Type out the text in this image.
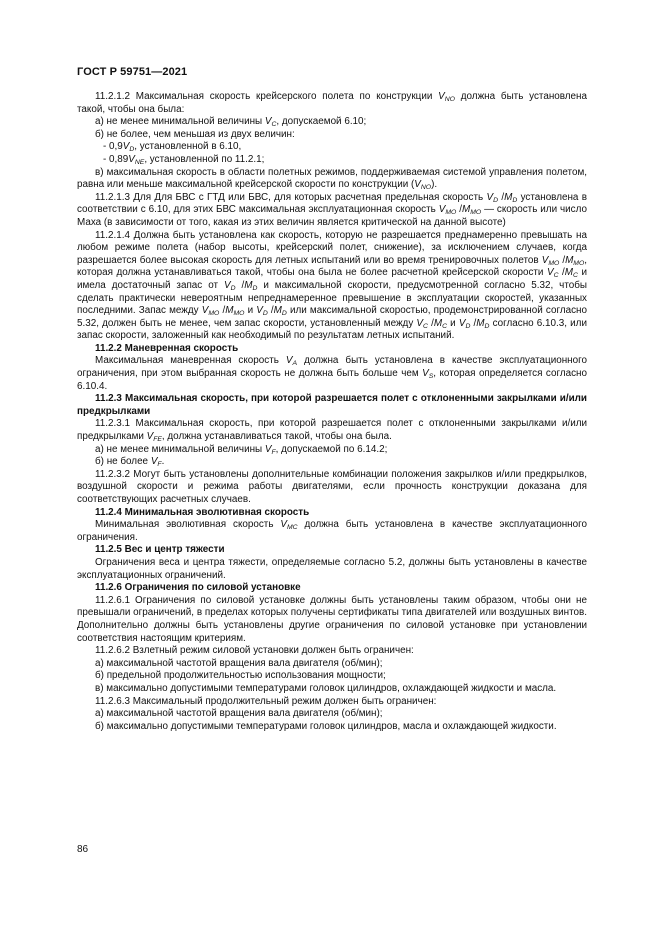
ГОСТ Р 59751—2021

11.2.1.2 Максимальная скорость крейсерского полета по конструкции $V_{NO}$ должна быть установлена такой, чтобы она была:

а) не менее минимальной величины $V_C$, допускаемой 6.10;

б) не более, чем меньшая из двух величин:

- $0,9V_D$, установленной в 6.10,

- $0,89V_{NE}$, установленной по 11.2.1;

в) максимальная скорость в области полетных режимов, поддерживаемая системой управления полетом, равна или меньше максимальной крейсерской скорости по конструкции $(V_{NO})$.

11.2.1.3 Для Для БВС с ГТД или БВС, для которых расчетная предельная скорость $V_D$ $/M_D$ установлена в соответствии с 6.10, для этих БВС максимальная эксплуатационная скорость $V_{MO}$ $/M_{MO}$ — скорость или число Маха (в зависимости от того, какая из этих величин является критической на данной высоте)

11.2.1.4 Должна быть установлена как скорость, которую не разрешается преднамеренно превышать на любом режиме полета (набор высоты, крейсерский полет, снижение), за исключением случаев, когда разрешается более высокая скорость для летных испытаний или во время тренировочных полетов $V_{MO}$ $/M_{MO}$, которая должна устанавливаться такой, чтобы она была не более расчетной крейсерской скорости $V_C$ $/M_C$ и имела достаточный запас от $V_D$ $/M_D$ и максимальной скорости, предусмотренной согласно 5.32, чтобы сделать практически невероятным непреднамеренное превышение в эксплуатации скоростей, указанных последними. Запас между $V_{MO}$ $/M_{MO}$ и $V_D$ $/M_D$ или максимальной скоростью, продемонстрированной согласно 5.32, должен быть не менее, чем запас скорости, установленный между $V_C$ $/M_C$ и $V_D$ $/M_D$ согласно 6.10.3, или запас скорости, заложенный как необходимый по результатам летных испытаний.

11.2.2 Маневренная скорость

Максимальная маневренная скорость $V_A$ должна быть установлена в качестве эксплуатационного ограничения, при этом выбранная скорость не должна быть больше чем $V_S$, которая определяется согласно 6.10.4.

11.2.3 Максимальная скорость, при которой разрешается полет с отклоненными закрылками и/или предкрылками

11.2.3.1 Максимальная скорость, при которой разрешается полет с отклоненными закрылками и/или предкрылками $V_{FE}$, должна устанавливаться такой, чтобы она была.

а) не менее минимальной величины $V_F$, допускаемой по 6.14.2;

б) не более $V_F$.

11.2.3.2 Могут быть установлены дополнительные комбинации положения закрылков и/или предкрылков, воздушной скорости и режима работы двигателями, если прочность конструкции доказана для соответствующих расчетных случаев.

11.2.4 Минимальная эволютивная скорость

Минимальная эволютивная скорость $V_{MC}$ должна быть установлена в качестве эксплуатационного ограничения.

11.2.5 Вес и центр тяжести

Ограничения веса и центра тяжести, определяемые согласно 5.2, должны быть установлены в качестве эксплуатационных ограничений.

11.2.6 Ограничения по силовой установке

11.2.6.1 Ограничения по силовой установке должны быть установлены таким образом, чтобы они не превышали ограничений, в пределах которых получены сертификаты типа двигателей или воздушных винтов. Дополнительно должны быть установлены другие ограничения по силовой установке при установлении соответствия настоящим критериям.

11.2.6.2 Взлетный режим силовой установки должен быть ограничен:

а) максимальной частотой вращения вала двигателя (об/мин);

б) предельной продолжительностью использования мощности;

в) максимально допустимыми температурами головок цилиндров, охлаждающей жидкости и масла.

11.2.6.3 Максимальный продолжительный режим должен быть ограничен:

а) максимальной частотой вращения вала двигателя (об/мин);

б) максимально допустимыми температурами головок цилиндров, масла и охлаждающей жидкости.

86
